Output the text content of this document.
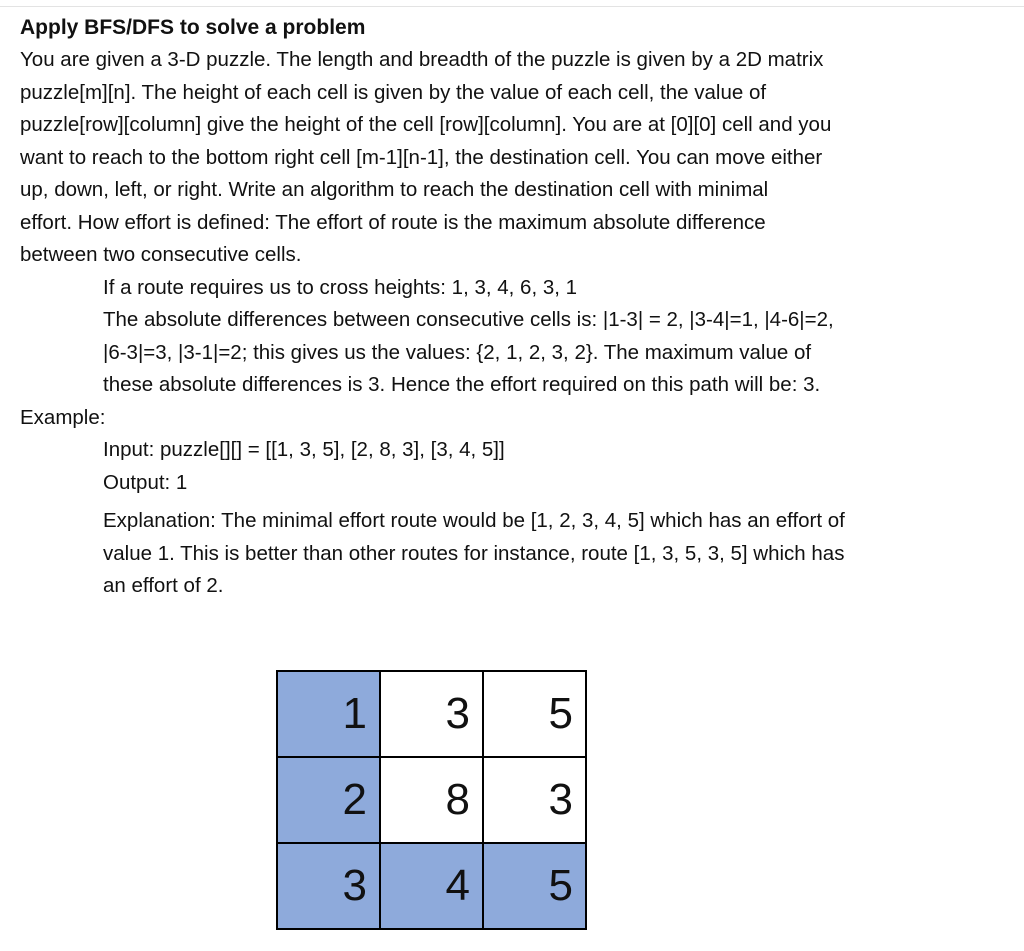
Apply BFS/DFS to solve a problem

You are given a 3-D puzzle. The length and breadth of the puzzle is given by a 2D matrix

puzzle[m][n]. The height of each cell is given by the value of each cell, the value of

puzzle[row][column] give the height of the cell [row][column]. You are at [0][0] cell and you

want to reach to the bottom right cell [m-1][n-1], the destination cell. You can move either

up, down, left, or right. Write an algorithm to reach the destination cell with minimal

effort. How effort is defined: The effort of route is the maximum absolute difference

between two consecutive cells.

If a route requires us to cross heights: 1, 3, 4, 6, 3, 1

The absolute differences between consecutive cells is: |1-3| = 2, |3-4|=1, |4-6|=2,

|6-3|=3, |3-1|=2; this gives us the values: {2, 1, 2, 3, 2}. The maximum value of

these absolute differences is 3. Hence the effort required on this path will be: 3.

Example:

Input: puzzle[][] = [[1, 3, 5], [2, 8, 3], [3, 4, 5]]

Output: 1

Explanation: The minimal effort route would be [1, 2, 3, 4, 5] which has an effort of

value 1. This is better than other routes for instance, route [1, 3, 5, 3, 5] which has

an effort of 2.

1	3	5
2	8	3
3	4	5
